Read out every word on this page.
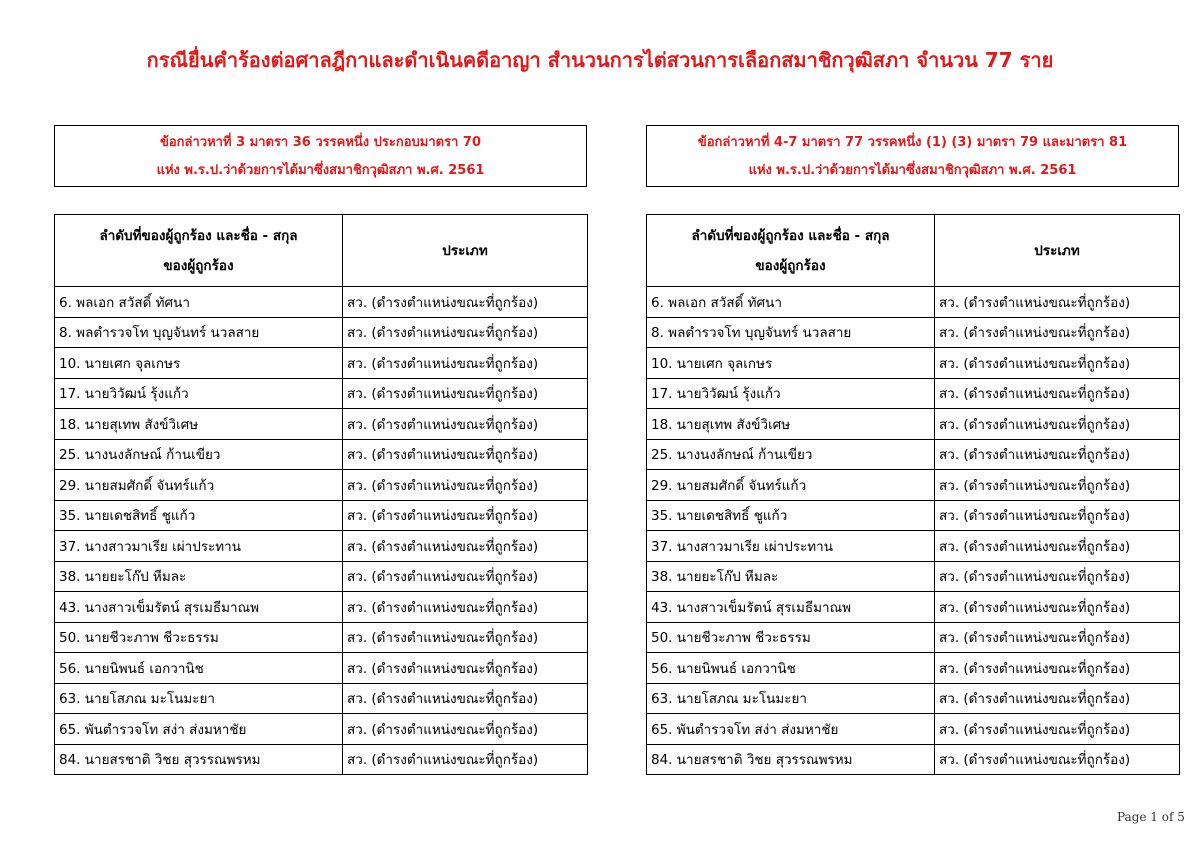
กรณียื่นคำร้องต่อศาลฎีกาและดำเนินคดีอาญา สำนวนการไต่สวนการเลือกสมาชิกวุฒิสภา จำนวน 77 ราย
ข้อกล่าวหาที่ 3 มาตรา 36 วรรคหนึ่ง ประกอบมาตรา 70
แห่ง พ.ร.ป.ว่าด้วยการได้มาซึ่งสมาชิกวุฒิสภา พ.ศ. 2561
ลำดับที่ของผู้ถูกร้อง และชื่อ - สกุล
ของผู้ถูกร้อง	ประเภท
6. พลเอก สวัสดิ์ ทัศนา	สว. (ดำรงตำแหน่งขณะที่ถูกร้อง)
8. พลตำรวจโท บุญจันทร์ นวลสาย	สว. (ดำรงตำแหน่งขณะที่ถูกร้อง)
10. นายเศก จุลเกษร	สว. (ดำรงตำแหน่งขณะที่ถูกร้อง)
17. นายวิวัฒน์ รุ้งแก้ว	สว. (ดำรงตำแหน่งขณะที่ถูกร้อง)
18. นายสุเทพ สังข์วิเศษ	สว. (ดำรงตำแหน่งขณะที่ถูกร้อง)
25. นางนงลักษณ์ ก้านเขียว	สว. (ดำรงตำแหน่งขณะที่ถูกร้อง)
29. นายสมศักดิ์ จันทร์แก้ว	สว. (ดำรงตำแหน่งขณะที่ถูกร้อง)
35. นายเดชสิทธิ์ ชูแก้ว	สว. (ดำรงตำแหน่งขณะที่ถูกร้อง)
37. นางสาวมาเรีย เผ่าประทาน	สว. (ดำรงตำแหน่งขณะที่ถูกร้อง)
38. นายยะโก๊ป หีมละ	สว. (ดำรงตำแหน่งขณะที่ถูกร้อง)
43. นางสาวเข็มรัตน์ สุรเมธีมาณพ	สว. (ดำรงตำแหน่งขณะที่ถูกร้อง)
50. นายชีวะภาพ ชีวะธรรม	สว. (ดำรงตำแหน่งขณะที่ถูกร้อง)
56. นายนิพนธ์ เอกวานิช	สว. (ดำรงตำแหน่งขณะที่ถูกร้อง)
63. นายโสภณ มะโนมะยา	สว. (ดำรงตำแหน่งขณะที่ถูกร้อง)
65. พันตำรวจโท สง่า ส่งมหาชัย	สว. (ดำรงตำแหน่งขณะที่ถูกร้อง)
84. นายสรชาติ วิชย สุวรรณพรหม	สว. (ดำรงตำแหน่งขณะที่ถูกร้อง)
ข้อกล่าวหาที่ 4-7 มาตรา 77 วรรคหนึ่ง (1) (3) มาตรา 79 และมาตรา 81
แห่ง พ.ร.ป.ว่าด้วยการได้มาซึ่งสมาชิกวุฒิสภา พ.ศ. 2561
ลำดับที่ของผู้ถูกร้อง และชื่อ - สกุล
ของผู้ถูกร้อง	ประเภท
6. พลเอก สวัสดิ์ ทัศนา	สว. (ดำรงตำแหน่งขณะที่ถูกร้อง)
8. พลตำรวจโท บุญจันทร์ นวลสาย	สว. (ดำรงตำแหน่งขณะที่ถูกร้อง)
10. นายเศก จุลเกษร	สว. (ดำรงตำแหน่งขณะที่ถูกร้อง)
17. นายวิวัฒน์ รุ้งแก้ว	สว. (ดำรงตำแหน่งขณะที่ถูกร้อง)
18. นายสุเทพ สังข์วิเศษ	สว. (ดำรงตำแหน่งขณะที่ถูกร้อง)
25. นางนงลักษณ์ ก้านเขียว	สว. (ดำรงตำแหน่งขณะที่ถูกร้อง)
29. นายสมศักดิ์ จันทร์แก้ว	สว. (ดำรงตำแหน่งขณะที่ถูกร้อง)
35. นายเดชสิทธิ์ ชูแก้ว	สว. (ดำรงตำแหน่งขณะที่ถูกร้อง)
37. นางสาวมาเรีย เผ่าประทาน	สว. (ดำรงตำแหน่งขณะที่ถูกร้อง)
38. นายยะโก๊ป หีมละ	สว. (ดำรงตำแหน่งขณะที่ถูกร้อง)
43. นางสาวเข็มรัตน์ สุรเมธีมาณพ	สว. (ดำรงตำแหน่งขณะที่ถูกร้อง)
50. นายชีวะภาพ ชีวะธรรม	สว. (ดำรงตำแหน่งขณะที่ถูกร้อง)
56. นายนิพนธ์ เอกวานิช	สว. (ดำรงตำแหน่งขณะที่ถูกร้อง)
63. นายโสภณ มะโนมะยา	สว. (ดำรงตำแหน่งขณะที่ถูกร้อง)
65. พันตำรวจโท สง่า ส่งมหาชัย	สว. (ดำรงตำแหน่งขณะที่ถูกร้อง)
84. นายสรชาติ วิชย สุวรรณพรหม	สว. (ดำรงตำแหน่งขณะที่ถูกร้อง)
Page 1 of 5
